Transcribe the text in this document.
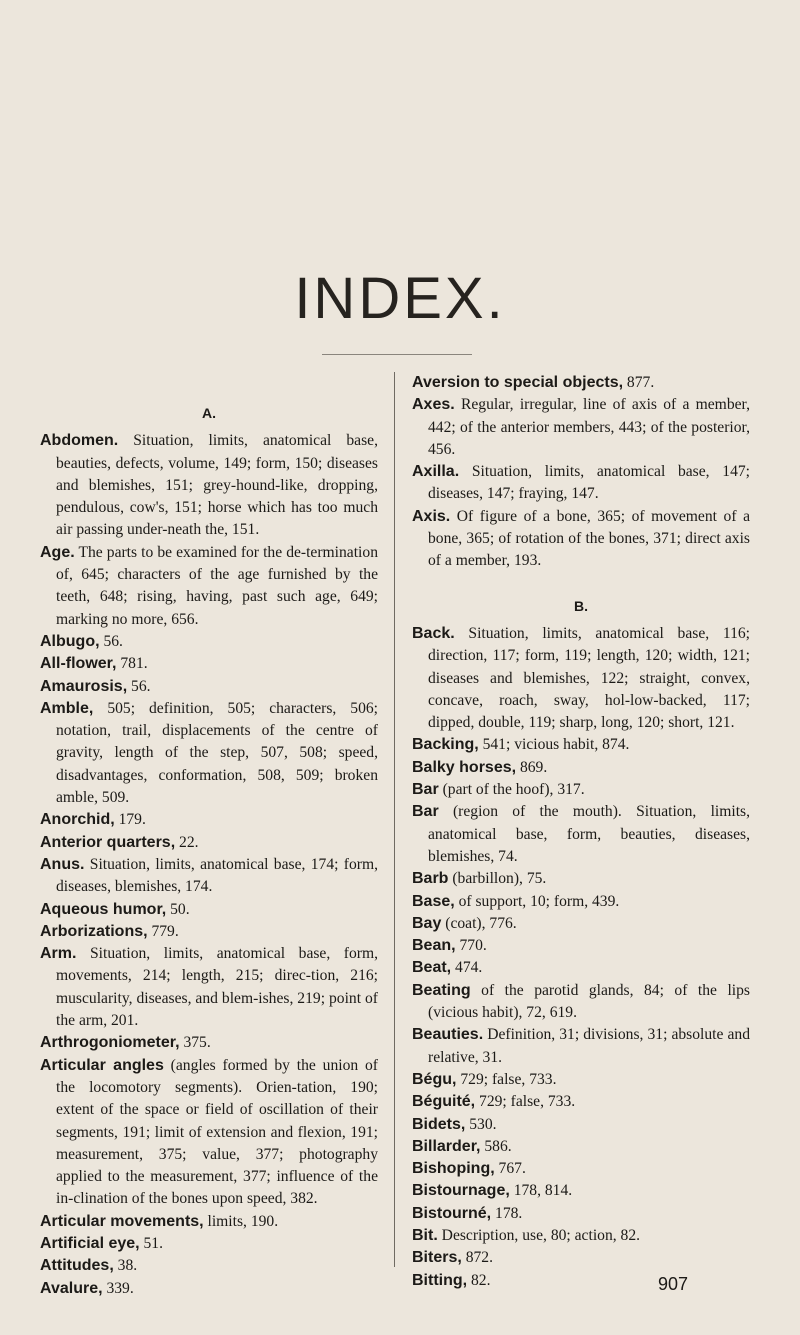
INDEX.
A.

Abdomen. Situation, limits, anatomical base, beauties, defects, volume, 149; form, 150; diseases and blemishes, 151; grey-hound-like, dropping, pendulous, cow's, 151; horse which has too much air passing under-neath the, 151.

Age. The parts to be examined for the de-termination of, 645; characters of the age furnished by the teeth, 648; rising, having, past such age, 649; marking no more, 656.

Albugo, 56.

All-flower, 781.

Amaurosis, 56.

Amble, 505; definition, 505; characters, 506; notation, trail, displacements of the centre of gravity, length of the step, 507, 508; speed, disadvantages, conformation, 508, 509; broken amble, 509.

Anorchid, 179.

Anterior quarters, 22.

Anus. Situation, limits, anatomical base, 174; form, diseases, blemishes, 174.

Aqueous humor, 50.

Arborizations, 779.

Arm. Situation, limits, anatomical base, form, movements, 214; length, 215; direc-tion, 216; muscularity, diseases, and blem-ishes, 219; point of the arm, 201.

Arthrogoniometer, 375.

Articular angles (angles formed by the union of the locomotory segments). Orien-tation, 190; extent of the space or field of oscillation of their segments, 191; limit of extension and flexion, 191; measurement, 375; value, 377; photography applied to the measurement, 377; influence of the in-clination of the bones upon speed, 382.

Articular movements, limits, 190.

Artificial eye, 51.

Attitudes, 38.

Avalure, 339.

Aversion to special objects, 877.

Axes. Regular, irregular, line of axis of a member, 442; of the anterior members, 443; of the posterior, 456.

Axilla. Situation, limits, anatomical base, 147; diseases, 147; fraying, 147.

Axis. Of figure of a bone, 365; of movement of a bone, 365; of rotation of the bones, 371; direct axis of a member, 193.

B.

Back. Situation, limits, anatomical base, 116; direction, 117; form, 119; length, 120; width, 121; diseases and blemishes, 122; straight, convex, concave, roach, sway, hol-low-backed, 117; dipped, double, 119; sharp, long, 120; short, 121.

Backing, 541; vicious habit, 874.

Balky horses, 869.

Bar (part of the hoof), 317.

Bar (region of the mouth). Situation, limits, anatomical base, form, beauties, diseases, blemishes, 74.

Barb (barbillon), 75.

Base, of support, 10; form, 439.

Bay (coat), 776.

Bean, 770.

Beat, 474.

Beating of the parotid glands, 84; of the lips (vicious habit), 72, 619.

Beauties. Definition, 31; divisions, 31; absolute and relative, 31.

Bégu, 729; false, 733.

Béguité, 729; false, 733.

Bidets, 530.

Billarder, 586.

Bishoping, 767.

Bistournage, 178, 814.

Bistourné, 178.

Bit. Description, use, 80; action, 82.

Biters, 872.

Bitting, 82.	907
